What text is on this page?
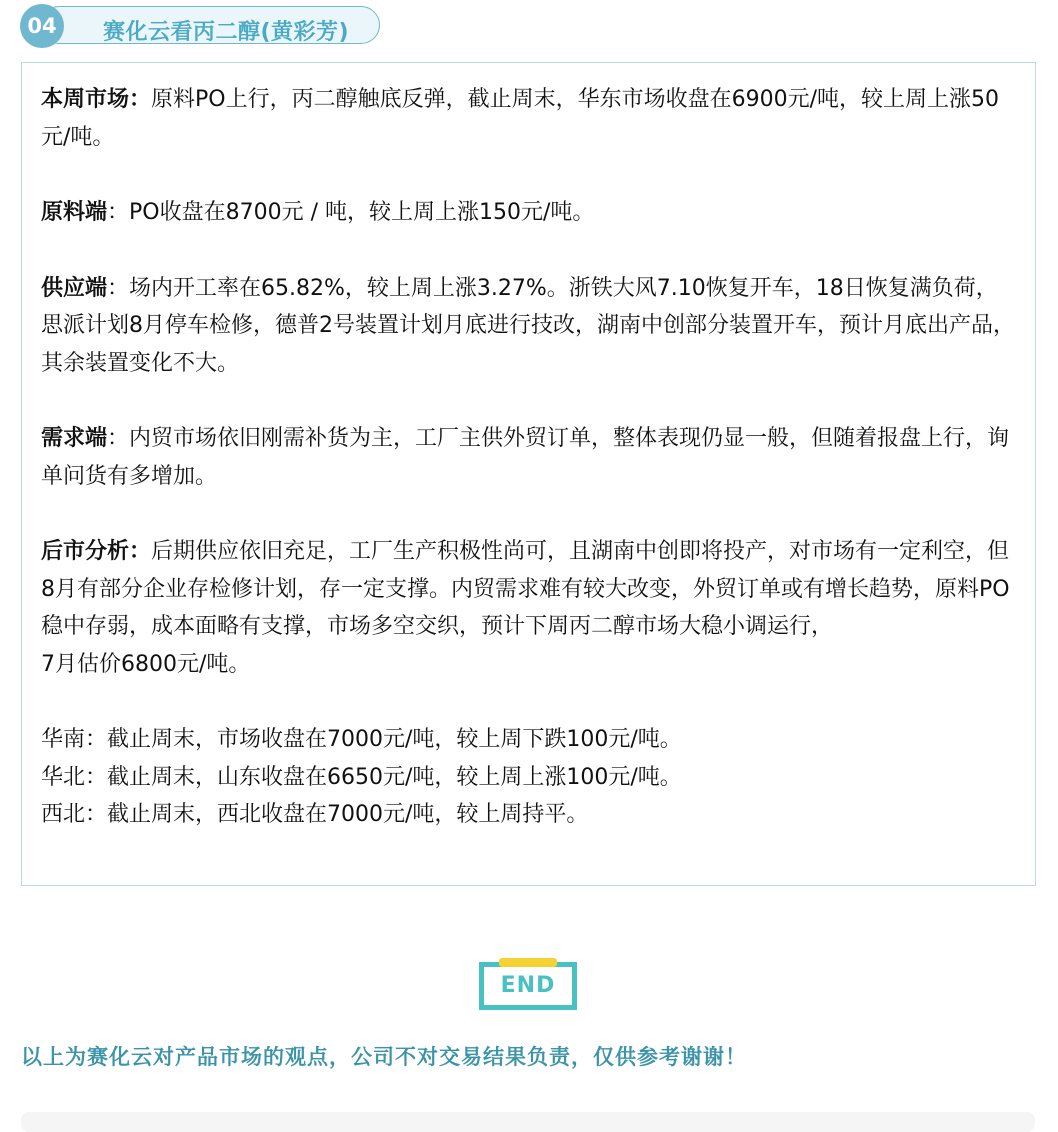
赛化云看丙二醇(黄彩芳)
04

本周市场：原料PO上行，丙二醇触底反弹，截止周末，华东市场收盘在6900元/吨，较上周上涨50元/吨。

原料端：PO收盘在8700元 / 吨，较上周上涨150元/吨。

供应端：场内开工率在65.82%，较上周上涨3.27%。浙铁大风7.10恢复开车，18日恢复满负荷，思派计划8月停车检修，德普2号装置计划月底进行技改，湖南中创部分装置开车，预计月底出产品，其余装置变化不大。

需求端：内贸市场依旧刚需补货为主，工厂主供外贸订单，整体表现仍显一般，但随着报盘上行，询单问货有多增加。

后市分析：后期供应依旧充足，工厂生产积极性尚可，且湖南中创即将投产，对市场有一定利空，但8月有部分企业存检修计划，存一定支撑。内贸需求难有较大改变，外贸订单或有增长趋势，原料PO稳中存弱，成本面略有支撑，市场多空交织，预计下周丙二醇市场大稳小调运行，

7月估价6800元/吨。

华南：截止周末，市场收盘在7000元/吨，较上周下跌100元/吨。

华北：截止周末，山东收盘在6650元/吨，较上周上涨100元/吨。

西北：截止周末，西北收盘在7000元/吨，较上周持平。

END
以上为赛化云对产品市场的观点，公司不对交易结果负责，仅供参考谢谢！
